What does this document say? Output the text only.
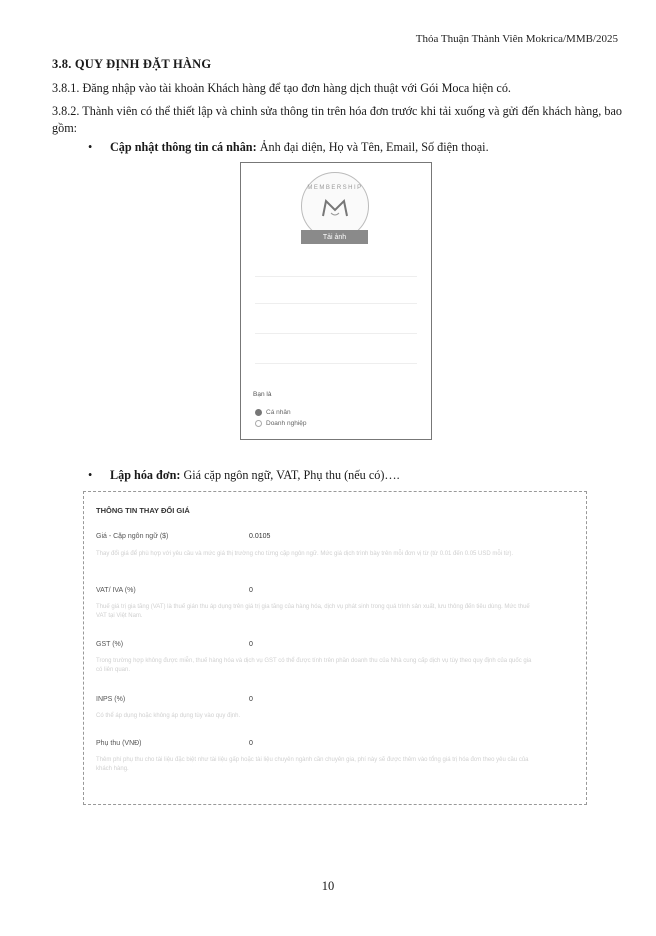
Thỏa Thuận Thành Viên Mokrica/MMB/2025
3.8. QUY ĐỊNH ĐẶT HÀNG
3.8.1. Đăng nhập vào tài khoản Khách hàng để tạo đơn hàng dịch thuật với Gói Moca hiện có.
3.8.2. Thành viên có thể thiết lập và chỉnh sửa thông tin trên hóa đơn trước khi tải xuống và gửi đến khách hàng, bao gồm:
• Cập nhật thông tin cá nhân: Ảnh đại diện, Họ và Tên, Email, Số điện thoại.
MEMBERSHIP
Tải ảnh
Bạn là
Cá nhân
Doanh nghiệp
• Lập hóa đơn: Giá cặp ngôn ngữ, VAT, Phụ thu (nếu có)….
THÔNG TIN THAY ĐỔI GIÁ
Giá - Cặp ngôn ngữ ($)	0.0105
Thay đổi giá để phù hợp với yêu cầu và mức giá thị trường cho từng cặp ngôn ngữ. Mức giá dịch trình bày trên mỗi đơn vị từ (từ 0.01 đến 0.05 USD mỗi từ).
VAT/ IVA (%)	0
Thuế giá trị gia tăng (VAT) là thuế gián thu áp dụng trên giá trị gia tăng của hàng hóa, dịch vụ phát sinh trong quá trình sản xuất, lưu thông đến tiêu dùng. Mức thuế VAT tại Việt Nam.
GST (%)	0
Trong trường hợp không được miễn, thuế hàng hóa và dịch vụ GST có thể được tính trên phần doanh thu của Nhà cung cấp dịch vụ tùy theo quy định của quốc gia có liên quan.
INPS (%)	0
Có thể áp dụng hoặc không áp dụng tùy vào quy định.
Phụ thu (VNĐ)	0
Thêm phí phụ thu cho tài liệu đặc biệt như tài liệu gấp hoặc tài liệu chuyên ngành cần chuyên gia, phí này sẽ được thêm vào tổng giá trị hóa đơn theo yêu cầu của khách hàng.
10
